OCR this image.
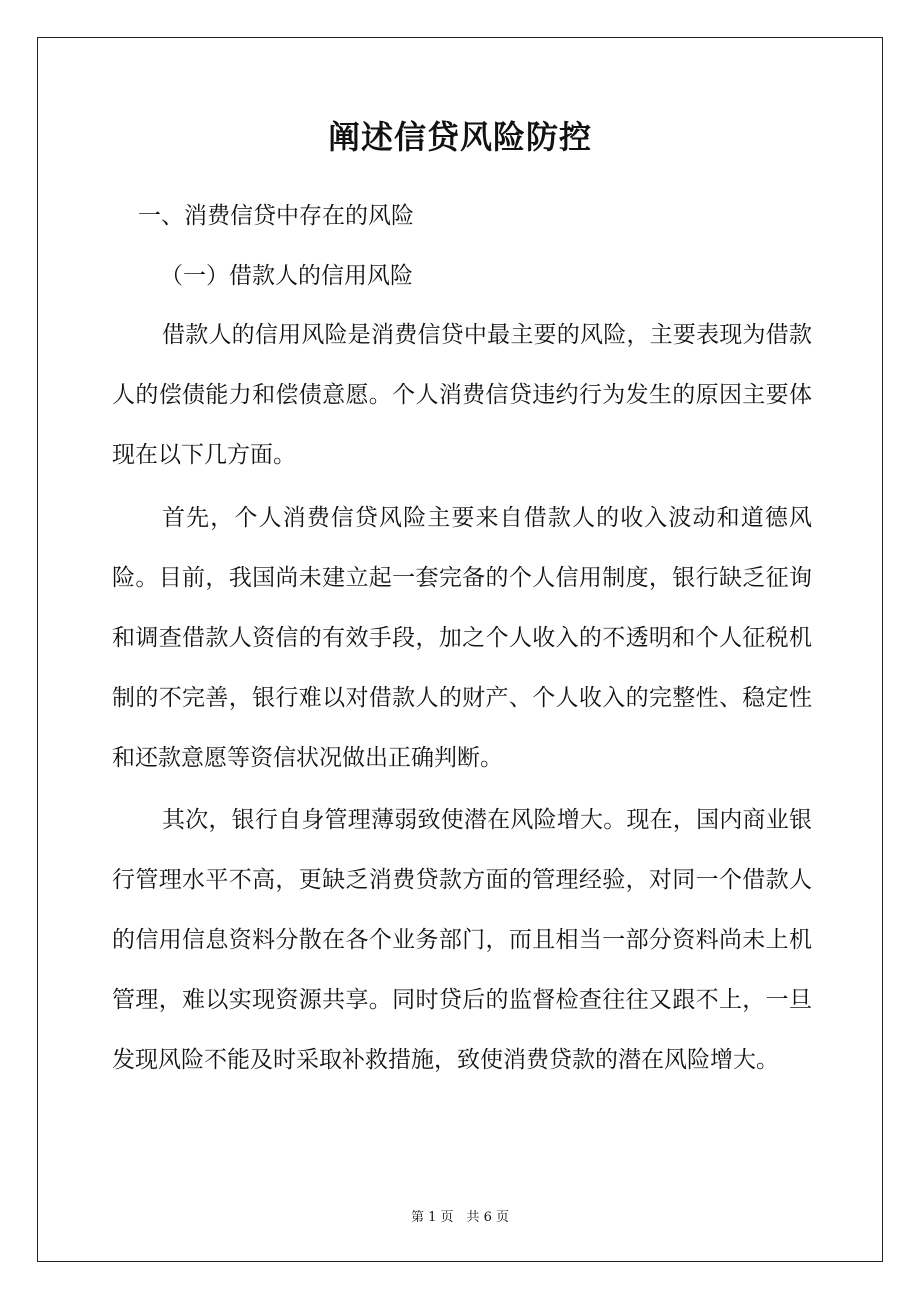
阐述信贷风险防控

一、消费信贷中存在的风险

（一）借款人的信用风险

借款人的信用风险是消费信贷中最主要的风险，主要表现为借款人的偿债能力和偿债意愿。个人消费信贷违约行为发生的原因主要体现在以下几方面。

首先，个人消费信贷风险主要来自借款人的收入波动和道德风险。目前，我国尚未建立起一套完备的个人信用制度，银行缺乏征询和调查借款人资信的有效手段，加之个人收入的不透明和个人征税机制的不完善，银行难以对借款人的财产、个人收入的完整性、稳定性和还款意愿等资信状况做出正确判断。

其次，银行自身管理薄弱致使潜在风险增大。现在，国内商业银行管理水平不高，更缺乏消费贷款方面的管理经验，对同一个借款人的信用信息资料分散在各个业务部门，而且相当一部分资料尚未上机管理，难以实现资源共享。同时贷后的监督检查往往又跟不上，一旦发现风险不能及时采取补救措施，致使消费贷款的潜在风险增大。

第 1 页　共 6 页
